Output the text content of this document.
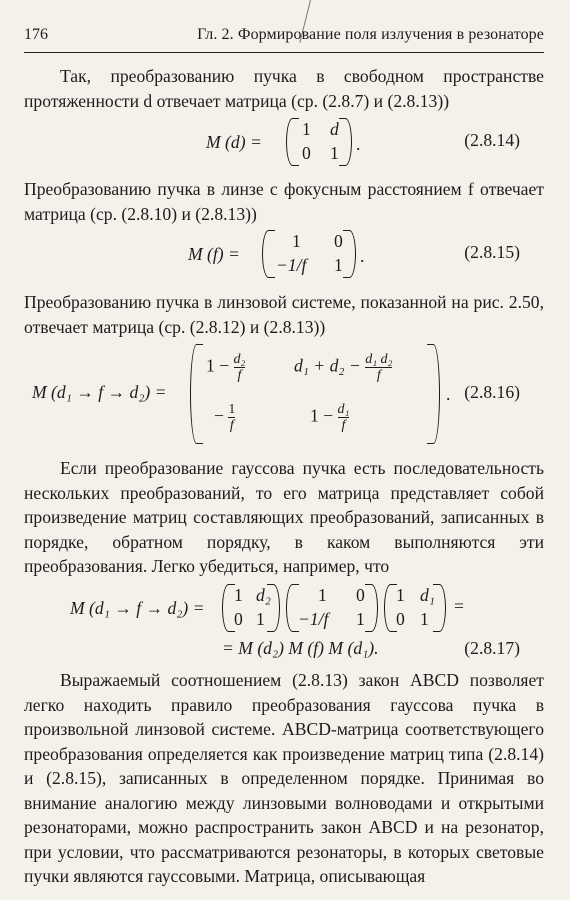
176	Гл. 2. Формирование поля излучения в резонаторе

Так, преобразованию пучка в свободном пространстве протяженности d отвечает матрица (ср. (2.8.7) и (2.8.13))

M (d) =
1 d
0 1 .	(2.8.14)

Преобразованию пучка в линзе с фокусным расстоянием f отвечает матрица (ср. (2.8.10) и (2.8.13))

M (f) =
1 0
−1/f 1 .	(2.8.15)

Преобразованию пучка в линзовой системе, показанной на рис. 2.50, отвечает матрица (ср. (2.8.12) и (2.8.13))

M (d₁ → f → d₂) =
$1 - \frac{\text{d₂}}{f}$	$d_1 + d_2 - \frac{\text{d₁ d₂}}{f}$
− $\frac{1}{f}$	$1 - \frac{\text{d₁}}{f}$
. (2.8.16)

Если преобразование гауссова пучка есть последовательность нескольких преобразований, то его матрица представляет собой произведение матриц составляющих преобразований, записанных в порядке, обратном порядку, в каком выполняются эти преобразования. Легко убедиться, например, что

M (d₁ → f → d₂) =
1 d₂
0 1
1 0
−1/f 1
1 d₁
0 1
=
= M (d₂) M (f) M (d₁).	(2.8.17)

Выражаемый соотношением (2.8.13) закон ABCD позволяет легко находить правило преобразования гауссова пучка в произвольной линзовой системе. ABCD-матрица соответствующего преобразования определяется как произведение матриц типа (2.8.14) и (2.8.15), записанных в определенном порядке. Принимая во внимание аналогию между линзовыми волноводами и открытыми резонаторами, можно распространить закон ABCD и на резонатор, при условии, что рассматриваются резонаторы, в которых световые пучки являются гауссовыми. Матрица, описывающая
